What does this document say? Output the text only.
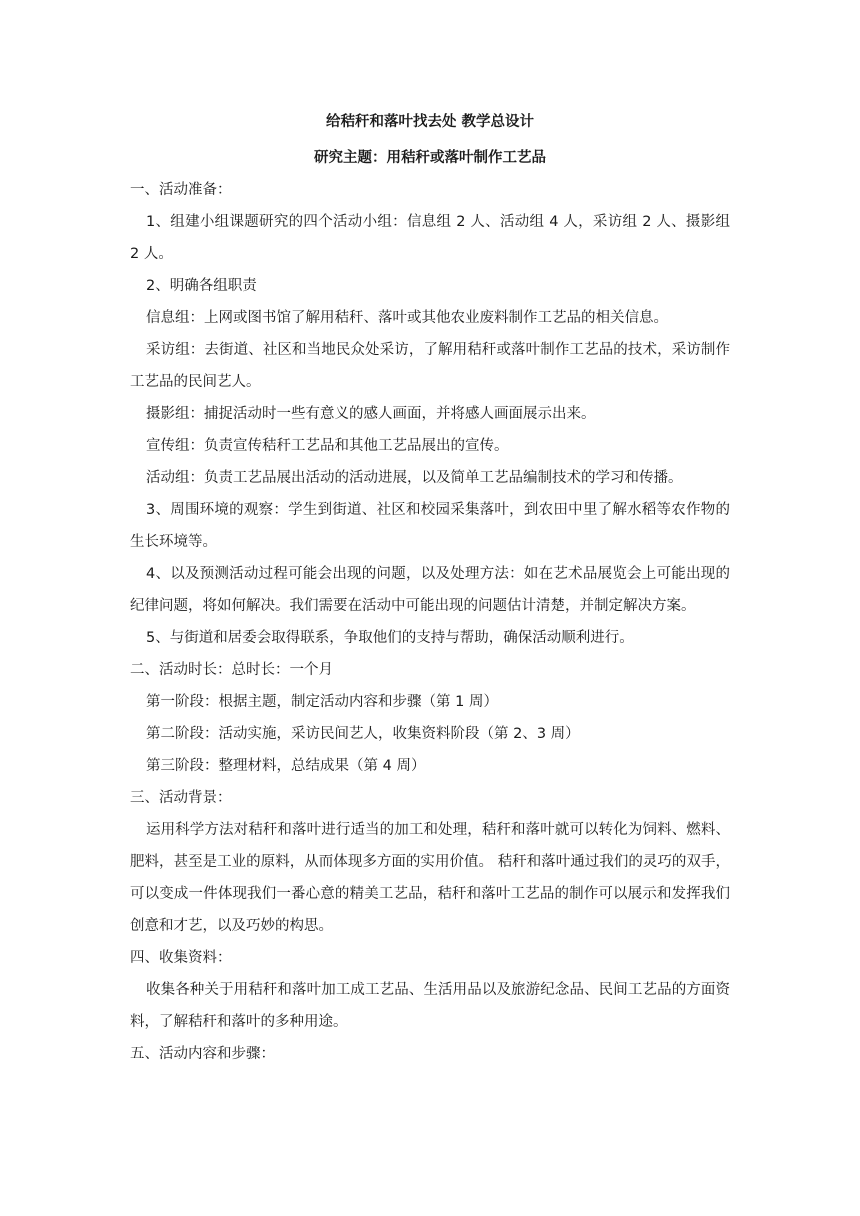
给秸秆和落叶找去处 教学总设计

研究主题：用秸秆或落叶制作工艺品

一、活动准备：

1、组建小组课题研究的四个活动小组：信息组 2 人、活动组 4 人，采访组 2 人、摄影组 2 人。

2、明确各组职责

信息组：上网或图书馆了解用秸秆、落叶或其他农业废料制作工艺品的相关信息。

采访组：去街道、社区和当地民众处采访，了解用秸秆或落叶制作工艺品的技术，采访制作工艺品的民间艺人。

摄影组：捕捉活动时一些有意义的感人画面，并将感人画面展示出来。

宣传组：负责宣传秸秆工艺品和其他工艺品展出的宣传。

活动组：负责工艺品展出活动的活动进展，以及简单工艺品编制技术的学习和传播。

3、周围环境的观察：学生到街道、社区和校园采集落叶，到农田中里了解水稻等农作物的生长环境等。

4、以及预测活动过程可能会出现的问题，以及处理方法：如在艺术品展览会上可能出现的纪律问题，将如何解决。我们需要在活动中可能出现的问题估计清楚，并制定解决方案。

5、与街道和居委会取得联系，争取他们的支持与帮助，确保活动顺利进行。

二、活动时长：总时长：一个月

第一阶段：根据主题，制定活动内容和步骤（第 1 周）

第二阶段：活动实施，采访民间艺人，收集资料阶段（第 2、3 周）

第三阶段：整理材料，总结成果（第 4 周）

三、活动背景：

运用科学方法对秸秆和落叶进行适当的加工和处理，秸秆和落叶就可以转化为饲料、燃料、肥料，甚至是工业的原料，从而体现多方面的实用价值。 秸秆和落叶通过我们的灵巧的双手，可以变成一件体现我们一番心意的精美工艺品，秸秆和落叶工艺品的制作可以展示和发挥我们创意和才艺，以及巧妙的构思。

四、收集资料：

收集各种关于用秸秆和落叶加工成工艺品、生活用品以及旅游纪念品、民间工艺品的方面资料，了解秸秆和落叶的多种用途。

五、活动内容和步骤：
